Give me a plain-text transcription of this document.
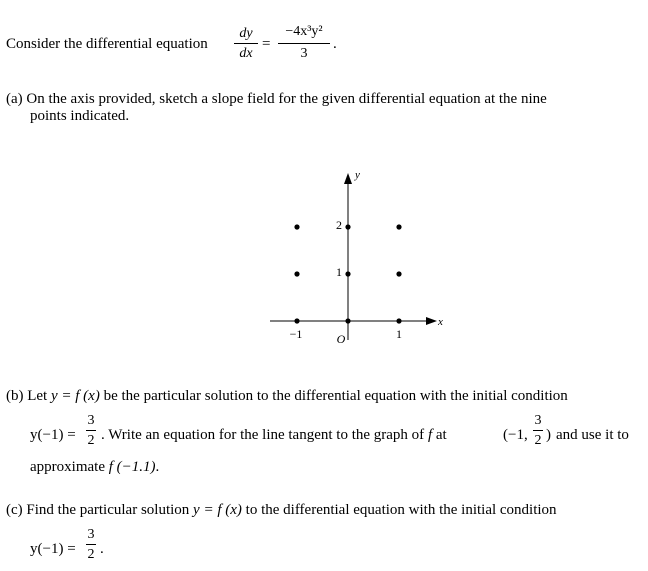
Consider the differential equation
dy
dx
=
−4x³y²
3
.
(a) On the axis provided, sketch a slope field for the given differential equation at the nine
points indicated.
x
y
−1	O	1
1
2
(b) Let y = f (x) be the particular solution to the differential equation with the initial condition
y(−1) =
3
2 . Write an equation for the line tangent to the graph of f at	(−1,
3
2 ) and use it to
approximate f (−1.1).
(c) Find the particular solution y = f (x) to the differential equation with the initial condition
y(−1) =
3
2 .
